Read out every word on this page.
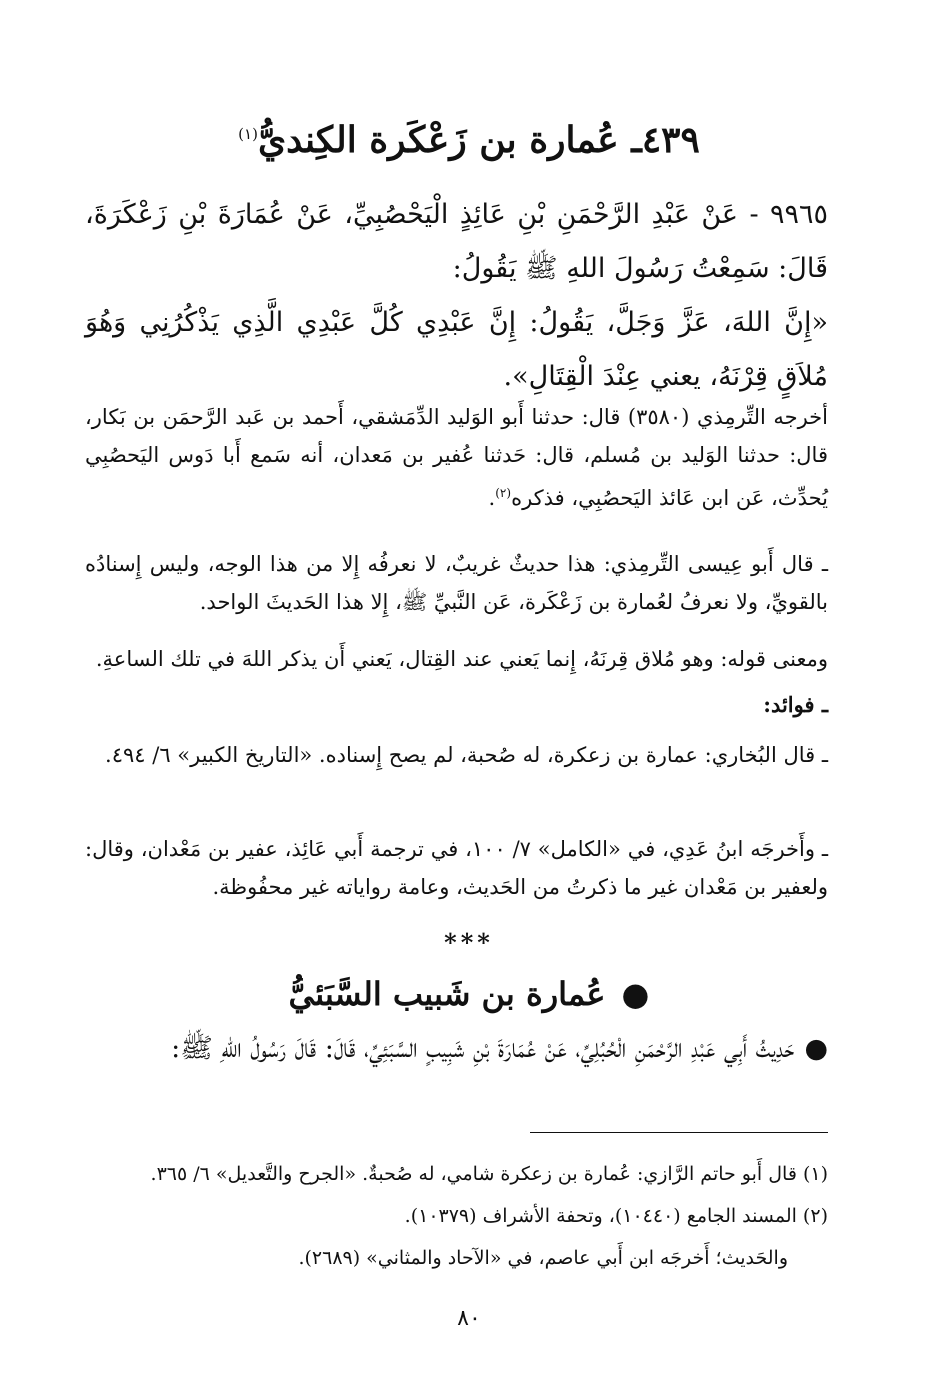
٤٣٩ـ عُمارة بن زَعْكَرة الكِنديُّ$^{(١)}$
٩٩٦٥ - عَنْ عَبْدِ الرَّحْمَنِ بْنِ عَائِذٍ الْيَحْصُبِيِّ، عَنْ عُمَارَةَ بْنِ زَعْكَرَةَ، قَالَ: سَمِعْتُ رَسُولَ اللهِ ﷺ يَقُولُ:
«إِنَّ اللهَ، عَزَّ وَجَلَّ، يَقُولُ: إِنَّ عَبْدِي كُلَّ عَبْدِي الَّذِي يَذْكُرُنِي وَهُوَ مُلاَقٍ قِرْنَهُ، يعني عِنْدَ الْقِتَالِ».
أخرجه التِّرمِذي (٣٥٨٠) قال: حدثنا أَبو الوَليد الدِّمَشقي، أَحمد بن عَبد الرَّحمَن بن بَكار، قال: حدثنا الوَليد بن مُسلم، قال: حَدثنا عُفير بن مَعدان، أنه سَمع أَبا دَوس اليَحصُبِي يُحدِّث، عَن ابن عَائذ اليَحصُبِي، فذكره$^{(٢)}$.
ـ قال أَبو عِيسى التِّرمِذي: هذا حديثٌ غريبٌ، لا نعرفُه إِلا من هذا الوجه، وليس إِسنادُه بالقويِّ، ولا نعرفُ لعُمارة بن زَعْكَرة، عَن النَّبيِّ ﷺ، إِلا هذا الحَديثَ الواحد.
ومعنى قوله: وهو مُلاق قِرنَهُ، إِنما يَعني عند القِتال، يَعني أَن يذكر اللهَ في تلك الساعةِ.
ـ فوائد:
ـ قال البُخاري: عمارة بن زعكرة، له صُحبة، لم يصح إِسناده. «التاريخ الكبير» ٦/ ٤٩٤.
ـ وأَخرجَه ابنُ عَدِي، في «الكامل» ٧/ ١٠٠، في ترجمة أَبي عَائِذ، عفير بن مَعْدان، وقال: ولعفير بن مَعْدان غير ما ذكرتُ من الحَديث، وعامة رواياته غير محفُوظة.
***
●عُمارة بن شَبيب السَّبَئيُّ
●حَدِيثُ أَبِي عَبْدِ الرَّحْمَنِ الْحُبُلِيِّ، عَنْ عُمَارَةَ بْنِ شَبِيبٍ السَّبَئِيِّ، قَالَ: قَالَ رَسُولُ اللهِ ﷺ:
(١) قال أَبو حاتم الرَّازي: عُمارة بن زعكرة شامي، له صُحبةٌ. «الجرح والتَّعديل» ٦/ ٣٦٥.
(٢) المسند الجامع (١٠٤٤٠)، وتحفة الأشراف (١٠٣٧٩).
والحَديث؛ أَخرجَه ابن أَبي عاصم، في «الآحاد والمثاني» (٢٦٨٩).
٨٠
